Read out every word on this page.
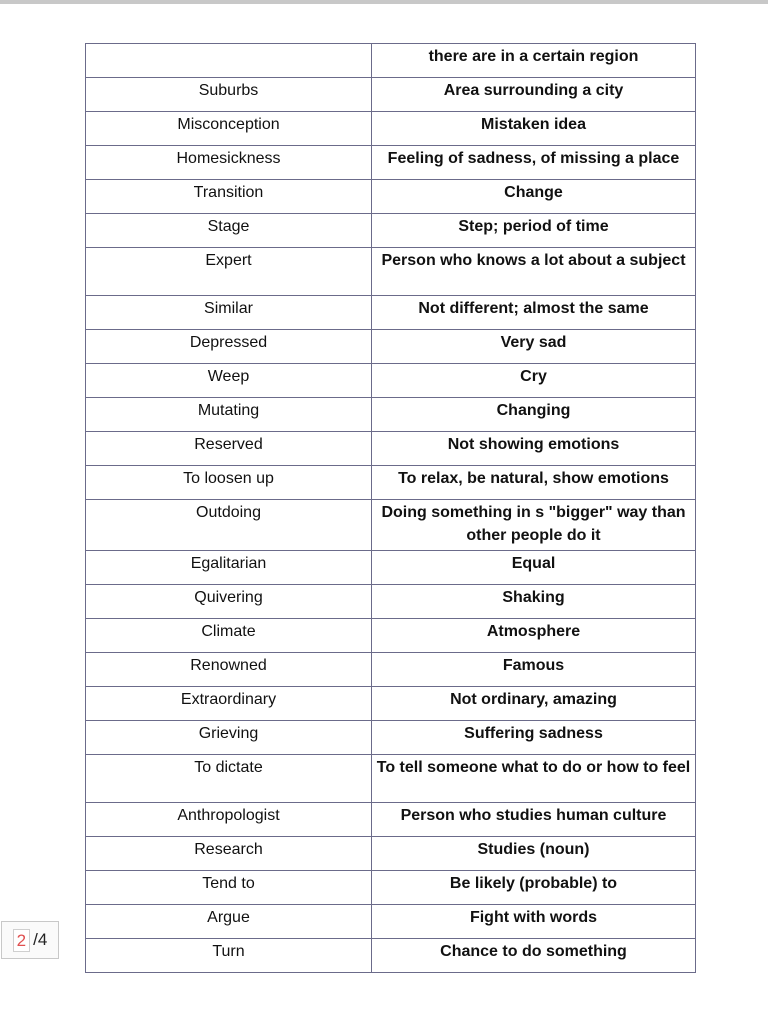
	there are in a certain region
Suburbs	Area surrounding a city
Misconception	Mistaken idea
Homesickness	Feeling of sadness, of missing a place
Transition	Change
Stage	Step; period of time
Expert	Person who knows a lot about a subject
Similar	Not different; almost the same
Depressed	Very sad
Weep	Cry
Mutating	Changing
Reserved	Not showing emotions
To loosen up	To relax, be natural, show emotions
Outdoing	Doing something in s "bigger" way than other people do it
Egalitarian	Equal
Quivering	Shaking
Climate	Atmosphere
Renowned	Famous
Extraordinary	Not ordinary, amazing
Grieving	Suffering sadness
To dictate	To tell someone what to do or how to feel
Anthropologist	Person who studies human culture
Research	Studies (noun)
Tend to	Be likely (probable) to
Argue	Fight with words
Turn	Chance to do something
2 /4
